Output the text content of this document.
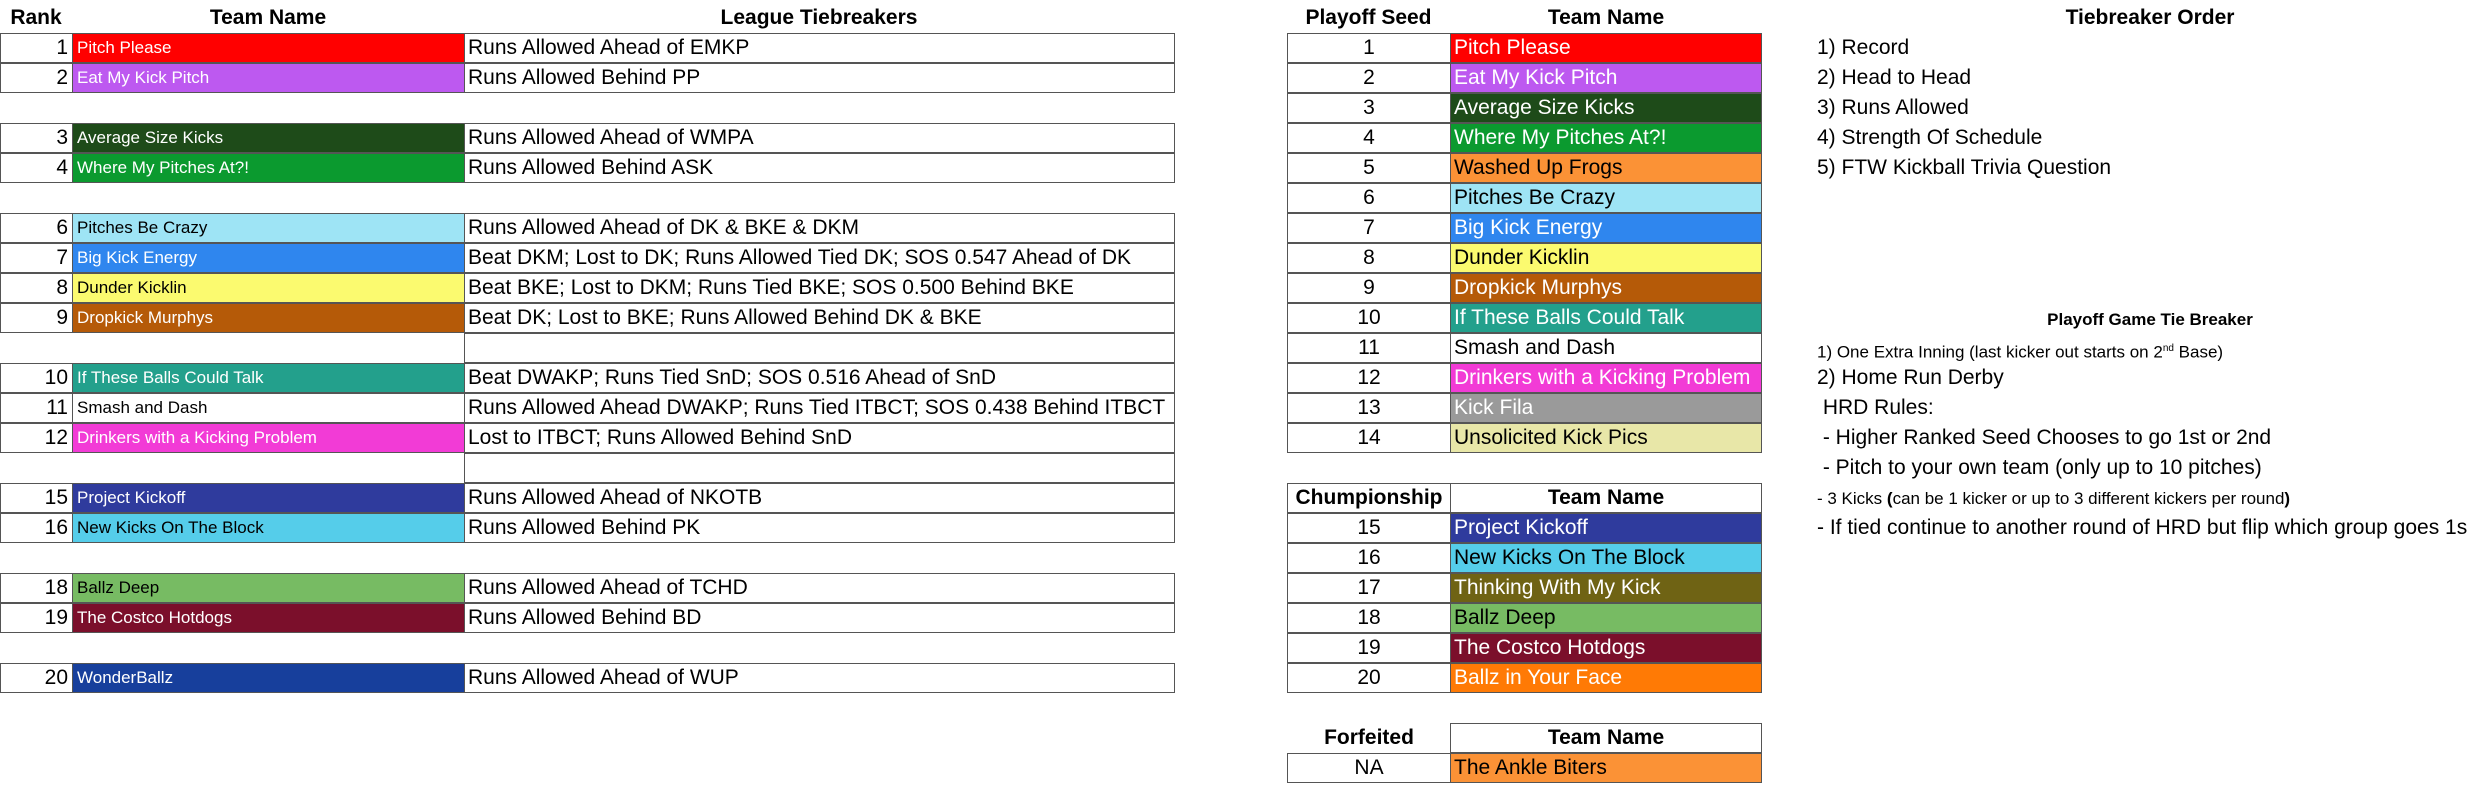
Rank	Team Name	League Tiebreakers
1 Pitch Please	Runs Allowed Ahead of EMKP
2 Eat My Kick Pitch	Runs Allowed Behind PP
3 Average Size Kicks	Runs Allowed Ahead of WMPA
4 Where My Pitches At?!	Runs Allowed Behind ASK
6 Pitches Be Crazy	Runs Allowed Ahead of DK & BKE & DKM
7 Big Kick Energy	Beat DKM; Lost to DK; Runs Allowed Tied DK; SOS 0.547 Ahead of DK
8 Dunder Kicklin	Beat BKE; Lost to DKM; Runs Tied BKE; SOS 0.500 Behind BKE
9 Dropkick Murphys	Beat DK; Lost to BKE; Runs Allowed Behind DK & BKE
10 If These Balls Could Talk	Beat DWAKP; Runs Tied SnD; SOS 0.516 Ahead of SnD
11 Smash and Dash	Runs Allowed Ahead DWAKP; Runs Tied ITBCT; SOS 0.438 Behind ITBCT
12 Drinkers with a Kicking Problem	Lost to ITBCT; Runs Allowed Behind SnD
15 Project Kickoff	Runs Allowed Ahead of NKOTB
16 New Kicks On The Block	Runs Allowed Behind PK
18 Ballz Deep	Runs Allowed Ahead of TCHD
19 The Costco Hotdogs	Runs Allowed Behind BD
20 WonderBallz	Runs Allowed Ahead of WUP
Playoff Seed	Team Name
1	Pitch Please
2	Eat My Kick Pitch
3	Average Size Kicks
4	Where My Pitches At?!
5	Washed Up Frogs
6	Pitches Be Crazy
7	Big Kick Energy
8	Dunder Kicklin
9	Dropkick Murphys
10	If These Balls Could Talk
11	Smash and Dash
12	Drinkers with a Kicking Problem
13	Kick Fila
14	Unsolicited Kick Pics
Chumpionship	Team Name
15	Project Kickoff
16	New Kicks On The Block
17	Thinking With My Kick
18	Ballz Deep
19	The Costco Hotdogs
20	Ballz in Your Face
Forfeited	Team Name
NA	The Ankle Biters
Tiebreaker Order
1) Record
2) Head to Head
3) Runs Allowed
4) Strength Of Schedule
5) FTW Kickball Trivia Question
Playoff Game Tie Breaker
1) One Extra Inning (last kicker out starts on 2nd Base)
2) Home Run Derby
HRD Rules:
- Higher Ranked Seed Chooses to go 1st or 2nd
- Pitch to your own team (only up to 10 pitches)
- 3 Kicks (can be 1 kicker or up to 3 different kickers per round)
- If tied continue to another round of HRD but flip which group goes 1s
